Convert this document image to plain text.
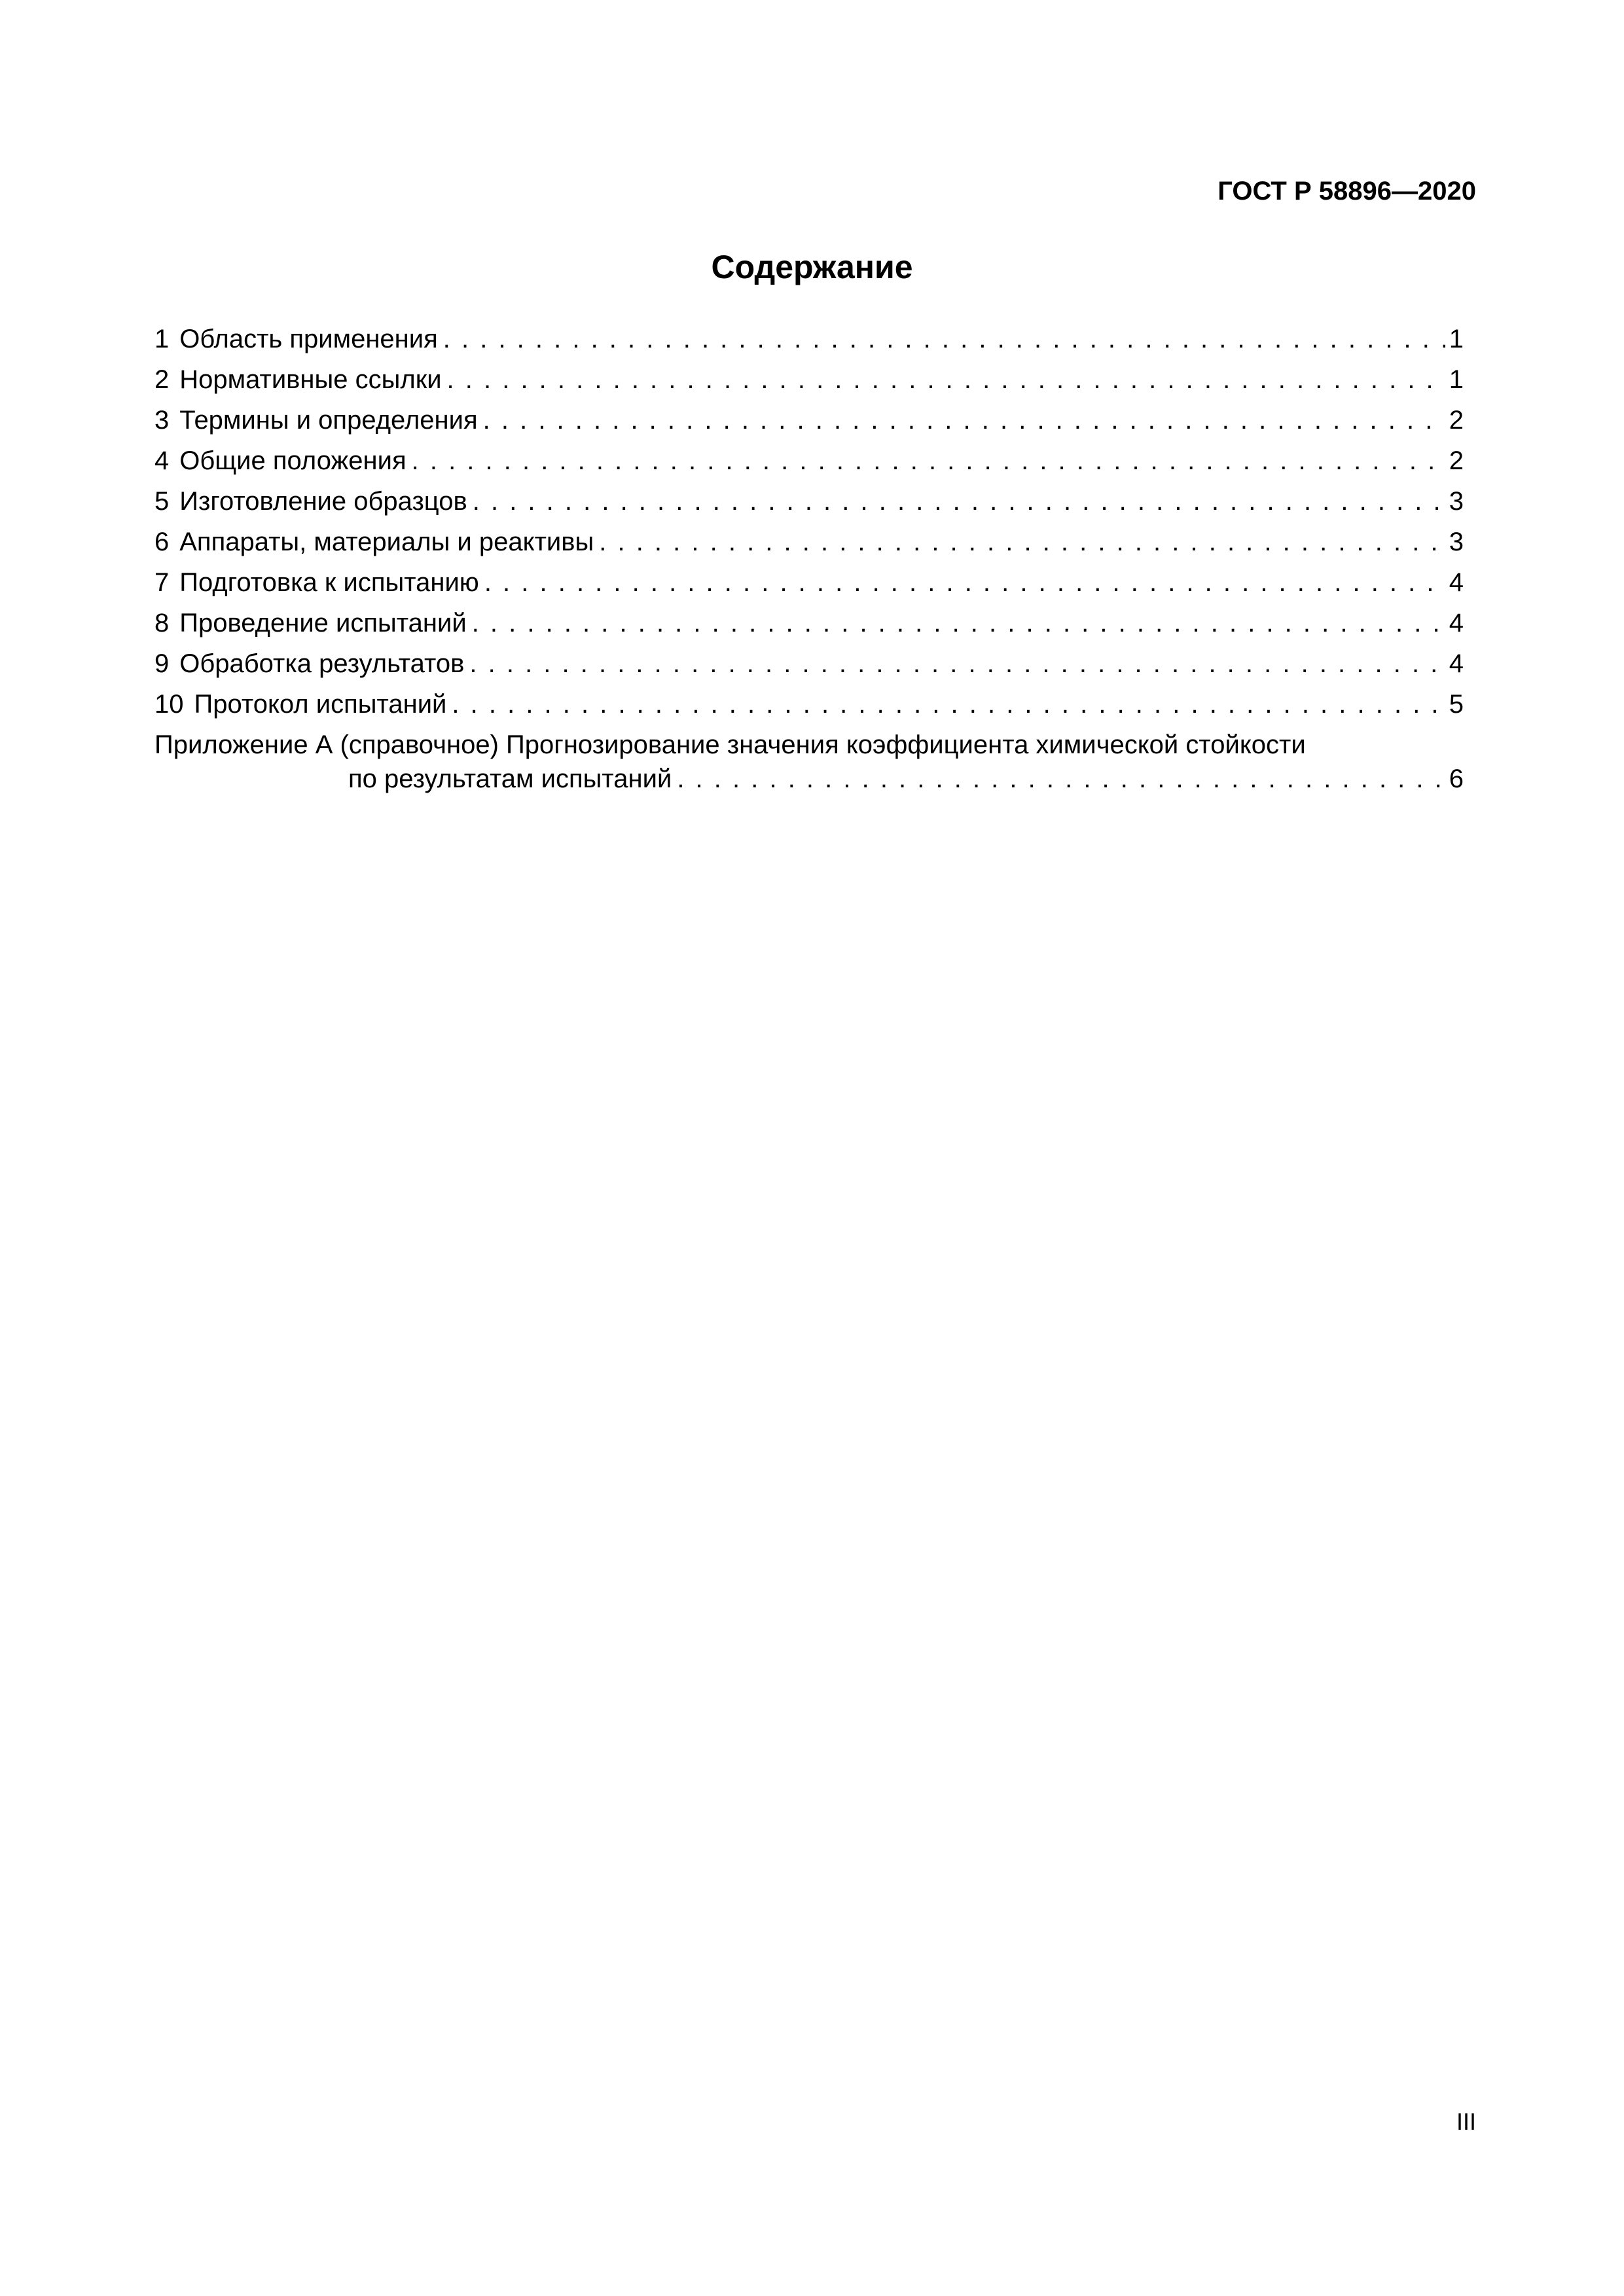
ГОСТ Р 58896—2020
Содержание
1 Область применения . . .	1
2 Нормативные ссылки . . .	1
3 Термины и определения . . .	2
4 Общие положения . . .	2
5 Изготовление образцов . . .	3
6 Аппараты, материалы и реактивы . . .	3
7 Подготовка к испытанию . . .	4
8 Проведение испытаний . . .	4
9 Обработка результатов . . .	4
10 Протокол испытаний . . .	5
Приложение А (справочное) Прогнозирование значения коэффициента химической стойкости
по результатам испытаний . . .	6
III
